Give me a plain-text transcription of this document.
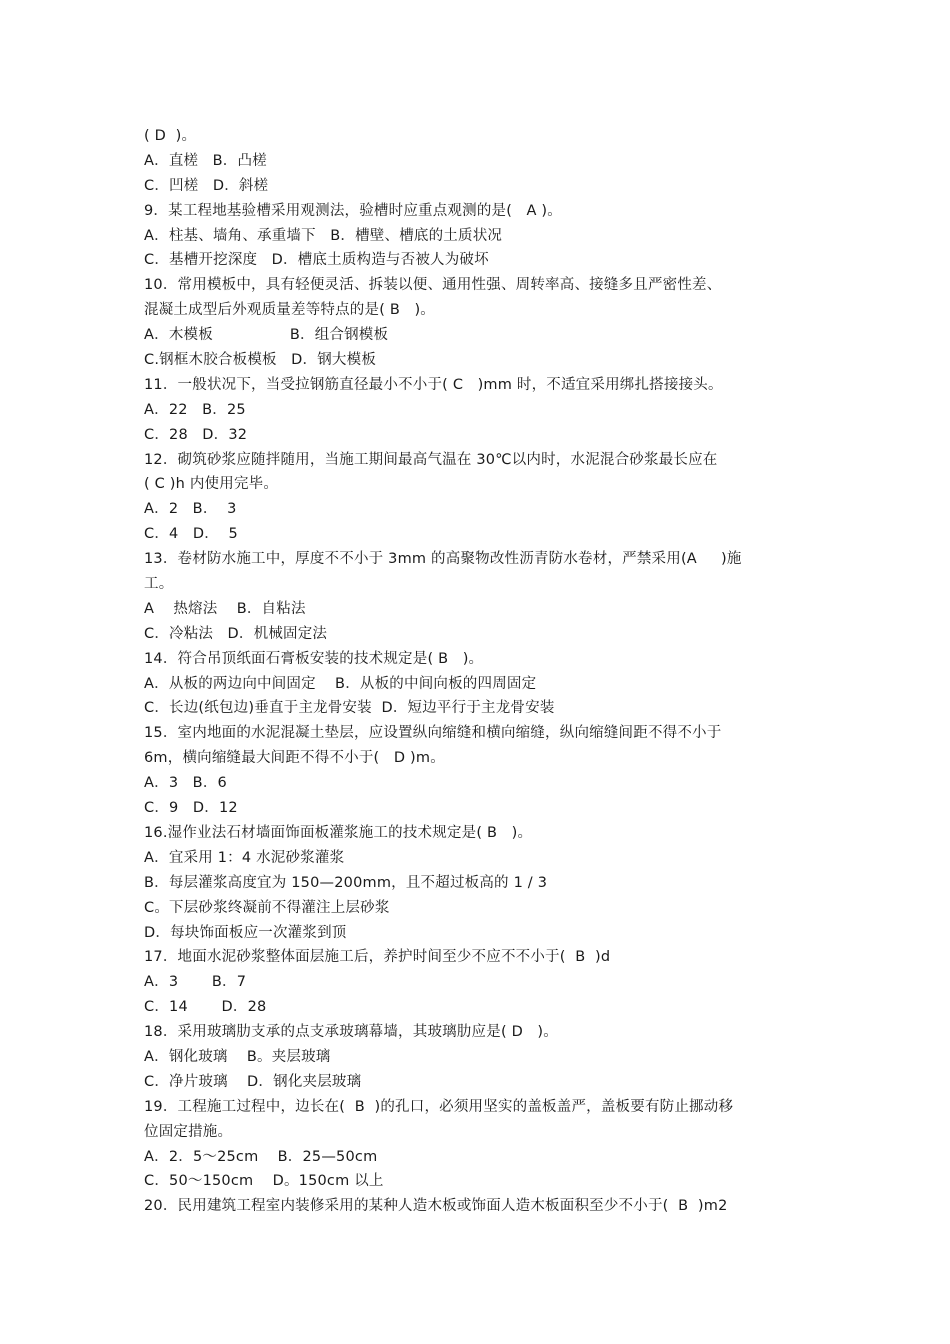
( D  )。
A．直槎   B．凸槎
C．凹槎   D．斜槎
9．某工程地基验槽采用观测法，验槽时应重点观测的是(   A )。
A．柱基、墙角、承重墙下   B．槽壁、槽底的土质状况
C．基槽开挖深度   D．槽底土质构造与否被人为破坏
10．常用模板中，具有轻便灵活、拆装以便、通用性强、周转率高、接缝多且严密性差、
混凝土成型后外观质量差等特点的是( B   )。
A．木模板                B．组合钢模板
C.钢框木胶合板模板   D．钢大模板
11．一般状况下，当受拉钢筋直径最小不小于( C   )mm 时，不适宜采用绑扎搭接接头。
A．22   B．25
C．28   D．32
12．砌筑砂浆应随拌随用，当施工期间最高气温在 30℃以内时，水泥混合砂浆最长应在
( C )h 内使用完毕。
A．2   B．  3
C．4   D．  5
13．卷材防水施工中，厚度不不小于 3mm 的高聚物改性沥青防水卷材，严禁采用(A     )施
工。
A    热熔法    B．自粘法
C．冷粘法   D．机械固定法
14．符合吊顶纸面石膏板安装的技术规定是( B   )。
A．从板的两边向中间固定    B．从板的中间向板的四周固定
C．长边(纸包边)垂直于主龙骨安装  D．短边平行于主龙骨安装
15．室内地面的水泥混凝土垫层，应设置纵向缩缝和横向缩缝，纵向缩缝间距不得不小于
6m，横向缩缝最大间距不得不小于(   D )m。
A．3   B．6
C．9   D．12
16.湿作业法石材墙面饰面板灌浆施工的技术规定是( B   )。
A．宜采用 1：4 水泥砂浆灌浆
B．每层灌浆高度宜为 150—200mm，且不超过板高的 1 / 3
C。下层砂浆终凝前不得灌注上层砂浆
D．每块饰面板应一次灌浆到顶
17．地面水泥砂浆整体面层施工后，养护时间至少不应不不小于(  B  )d
A．3       B．7
C．14       D．28
18．采用玻璃肋支承的点支承玻璃幕墙，其玻璃肋应是( D   )。
A．钢化玻璃    B。夹层玻璃
C．净片玻璃    D．钢化夹层玻璃
19．工程施工过程中，边长在(  B  )的孔口，必须用坚实的盖板盖严，盖板要有防止挪动移
位固定措施。
A．2．5～25cm    B．25—50cm
C．50～150cm    D。150cm 以上
20．民用建筑工程室内装修采用的某种人造木板或饰面人造木板面积至少不小于(  B  )m2
